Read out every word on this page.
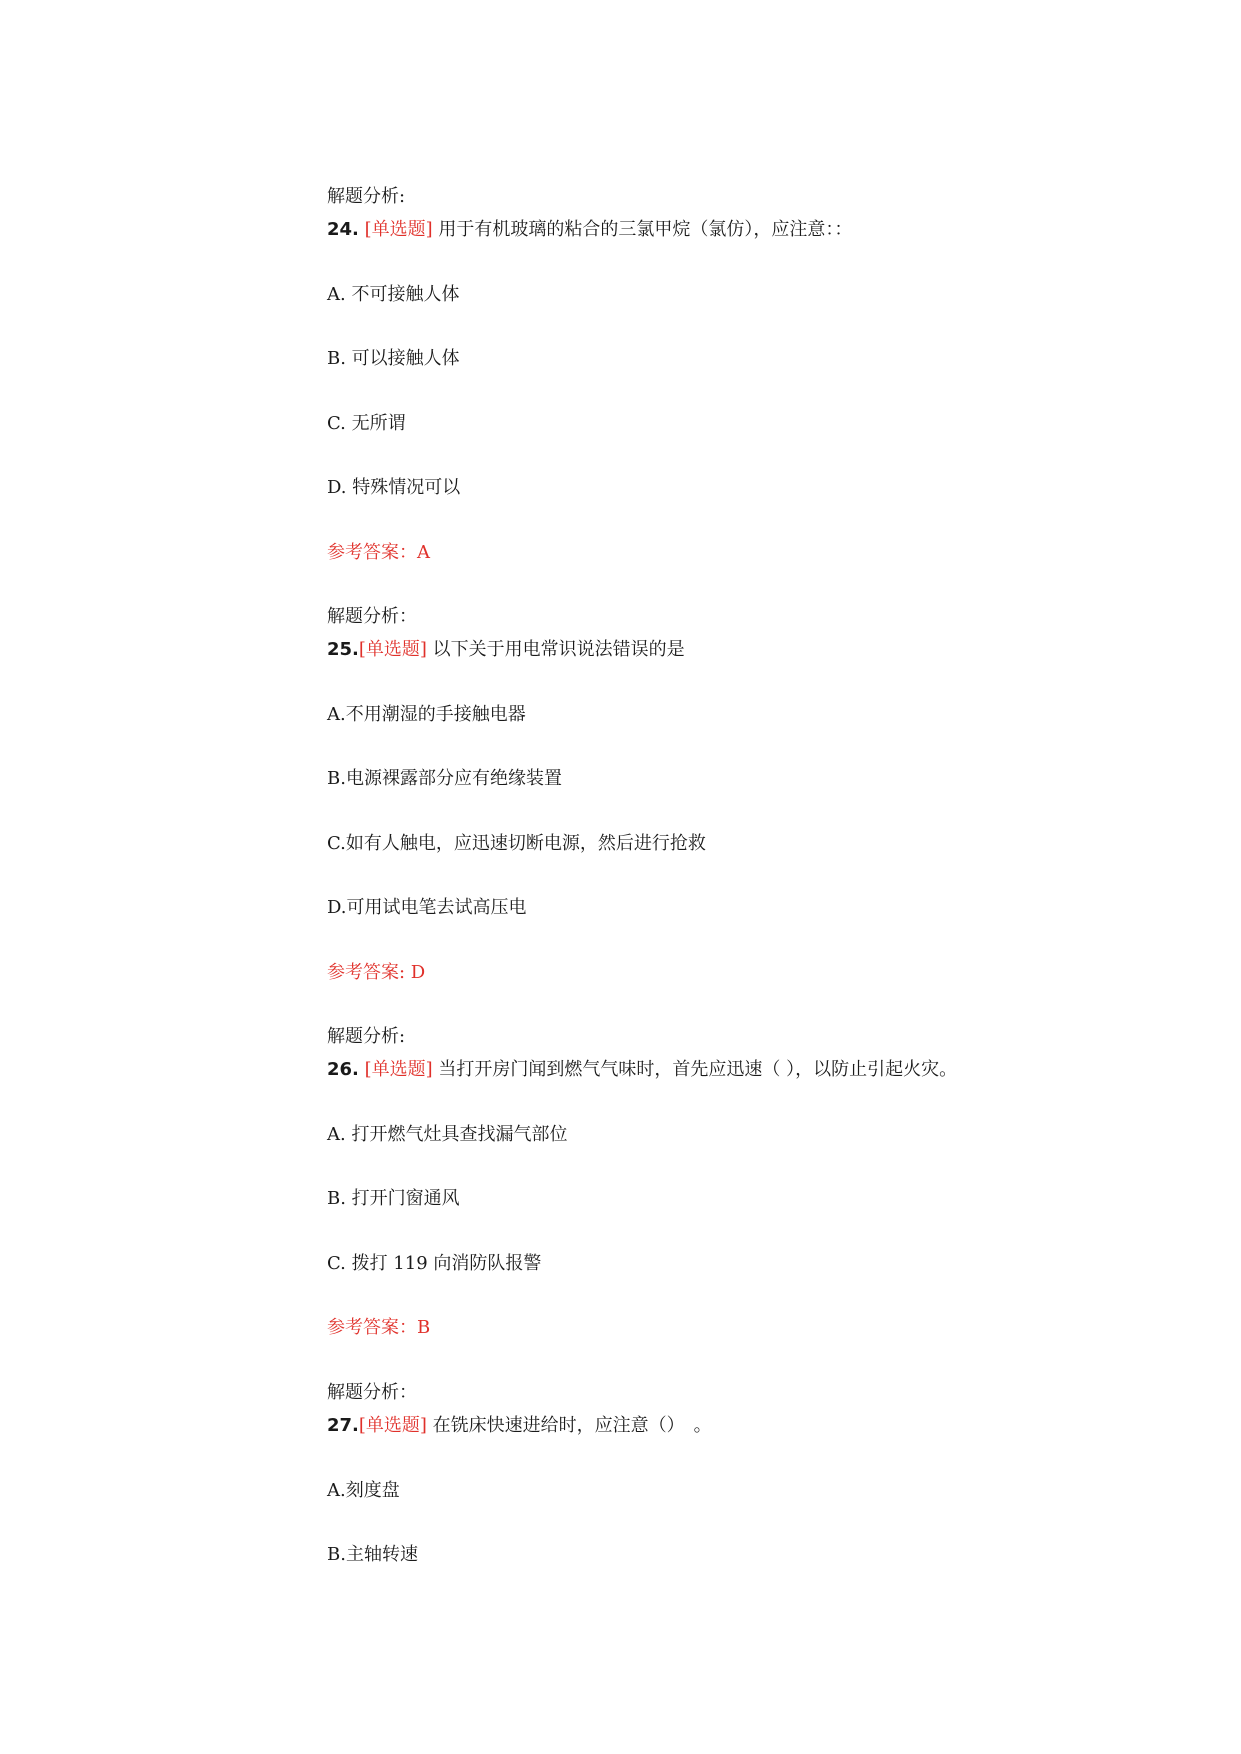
解题分析:
24. [单选题] 用于有机玻璃的粘合的三氯甲烷（氯仿），应注意：：
A. 不可接触人体
B. 可以接触人体
C. 无所谓
D. 特殊情况可以
参考答案：A
解题分析：
25.[单选题] 以下关于用电常识说法错误的是
A.不用潮湿的手接触电器
B.电源裸露部分应有绝缘装置
C.如有人触电，应迅速切断电源，然后进行抢救
D.可用试电笔去试高压电
参考答案: D
解题分析:
26. [单选题] 当打开房门闻到燃气气味时，首先应迅速（ ），以防止引起火灾。
A. 打开燃气灶具查找漏气部位
B. 打开门窗通风
C. 拨打 119 向消防队报警
参考答案：B
解题分析：
27.[单选题] 在铣床快速进给时，应注意（）　。
A.刻度盘
B.主轴转速
